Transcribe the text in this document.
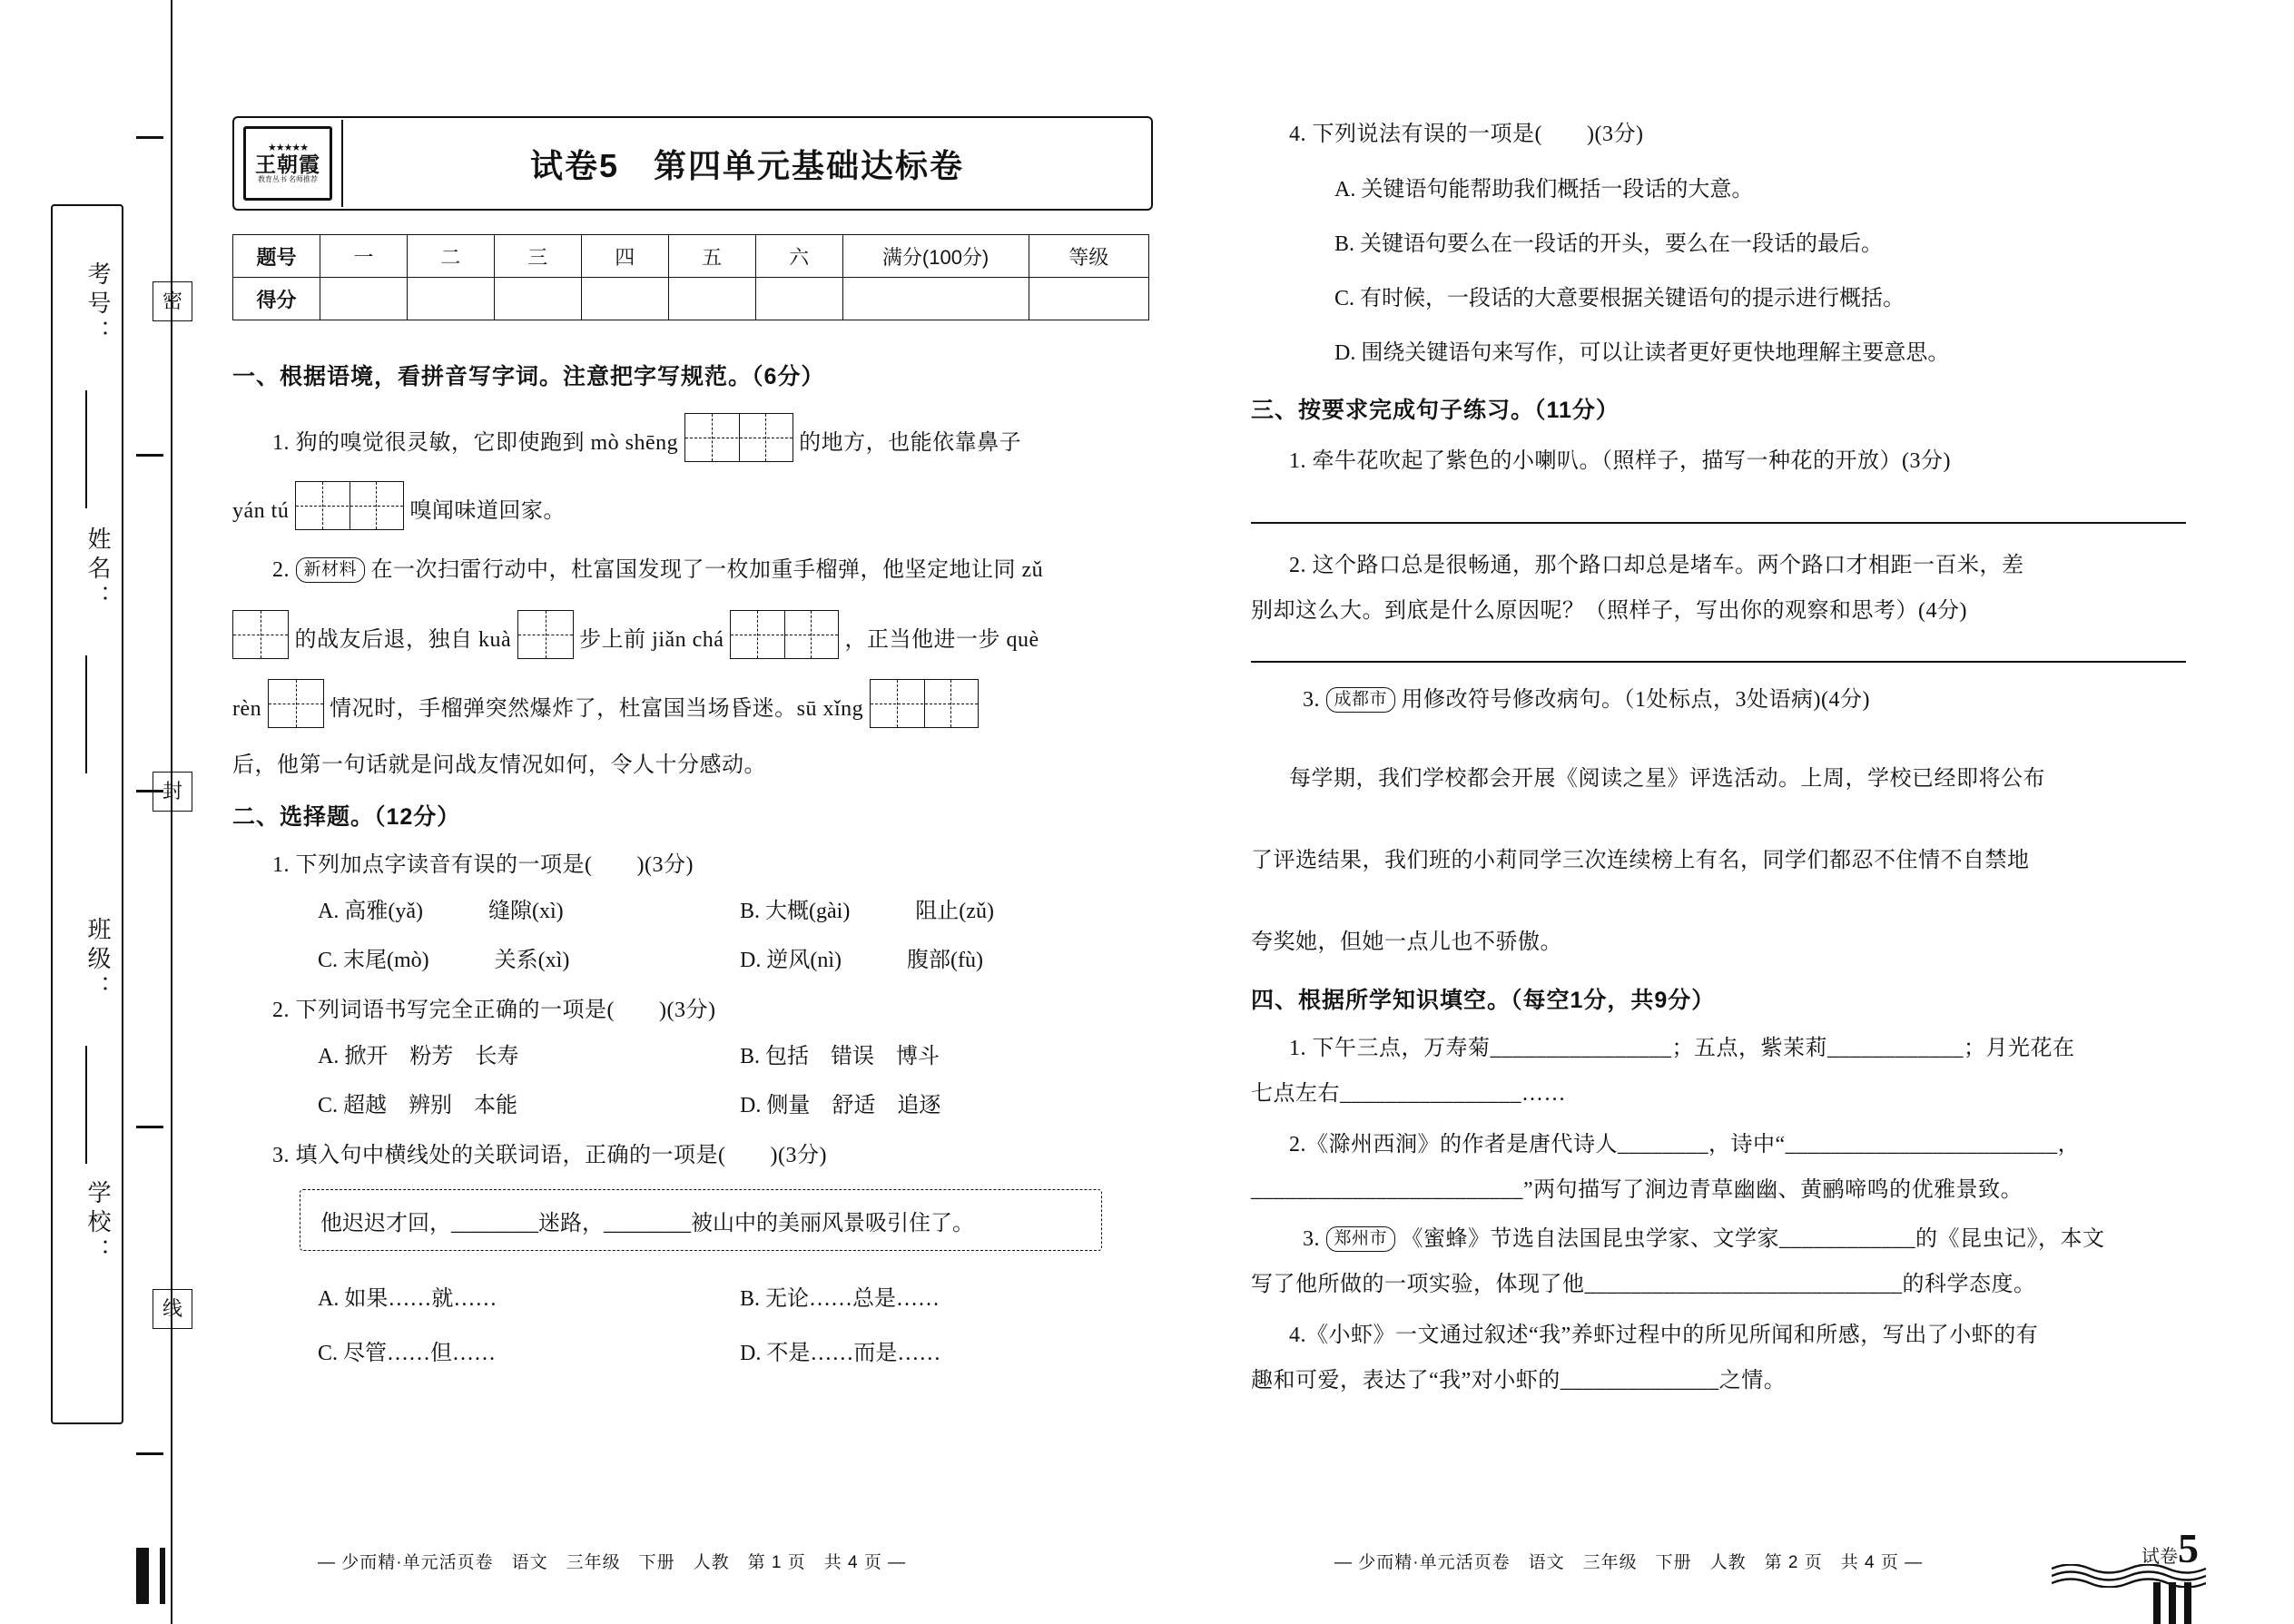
考号：
姓名：
班级：
学校：
密
封
线
★★★★★
王朝霞
教育丛书 名师推荐	试卷5　第四单元基础达标卷
题号	一	二	三	四	五	六	满分(100分)	等级
得分								
一、根据语境，看拼音写字词。注意把字写规范。（6分）
1. 狗的嗅觉很灵敏，它即使跑到 mò shēng	的地方，也能依靠鼻子
yán tú	嗅闻味道回家。
2. 新材料 在一次扫雷行动中，杜富国发现了一枚加重手榴弹，他坚定地让同 zǔ
的战友后退，独自 kuà	步上前 jiǎn chá	，正当他进一步 què
rèn	情况时，手榴弹突然爆炸了，杜富国当场昏迷。sū xǐng
后，他第一句话就是问战友情况如何，令人十分感动。
二、选择题。（12分）
1. 下列加点字读音有误的一项是(　　)(3分)
A. 高雅(yǎ)　　　缝隙(xì)	B. 大概(gài)　　　阻止(zǔ)
C. 末尾(mò)　　　关系(xì)	D. 逆风(nì)　　　腹部(fù)
2. 下列词语书写完全正确的一项是(　　)(3分)
A. 掀开　粉芳　长寿	B. 包括　错误　博斗
C. 超越　辨别　本能	D. 侧量　舒适　追逐
3. 填入句中横线处的关联词语，正确的一项是(　　)(3分)
他迟迟才回，________迷路，________被山中的美丽风景吸引住了。
A. 如果……就……	B. 无论……总是……
C. 尽管……但……	D. 不是……而是……
— 少而精·单元活页卷　语文　三年级　下册　人教　第 1 页　共 4 页 —
4. 下列说法有误的一项是(　　)(3分)
A. 关键语句能帮助我们概括一段话的大意。
B. 关键语句要么在一段话的开头，要么在一段话的最后。
C. 有时候，一段话的大意要根据关键语句的提示进行概括。
D. 围绕关键语句来写作，可以让读者更好更快地理解主要意思。
三、按要求完成句子练习。（11分）
1. 牵牛花吹起了紫色的小喇叭。（照样子，描写一种花的开放）(3分)
2. 这个路口总是很畅通，那个路口却总是堵车。两个路口才相距一百米，差
别却这么大。到底是什么原因呢？（照样子，写出你的观察和思考）(4分)
3. 成都市 用修改符号修改病句。（1处标点，3处语病)(4分)
每学期，我们学校都会开展《阅读之星》评选活动。上周，学校已经即将公布
了评选结果，我们班的小莉同学三次连续榜上有名，同学们都忍不住情不自禁地
夸奖她，但她一点儿也不骄傲。
四、根据所学知识填空。（每空1分，共9分）
1. 下午三点，万寿菊________________；五点，紫茉莉____________；月光花在
七点左右________________……
2.《滁州西涧》的作者是唐代诗人________，诗中“________________________，
________________________”两句描写了涧边青草幽幽、黄鹂啼鸣的优雅景致。
3. 郑州市 《蜜蜂》节选自法国昆虫学家、文学家____________的《昆虫记》，本文
写了他所做的一项实验，体现了他____________________________的科学态度。
4.《小虾》一文通过叙述“我”养虾过程中的所见所闻和所感，写出了小虾的有
趣和可爱，表达了“我”对小虾的______________之情。
— 少而精·单元活页卷　语文　三年级　下册　人教　第 2 页　共 4 页 —	试卷5
